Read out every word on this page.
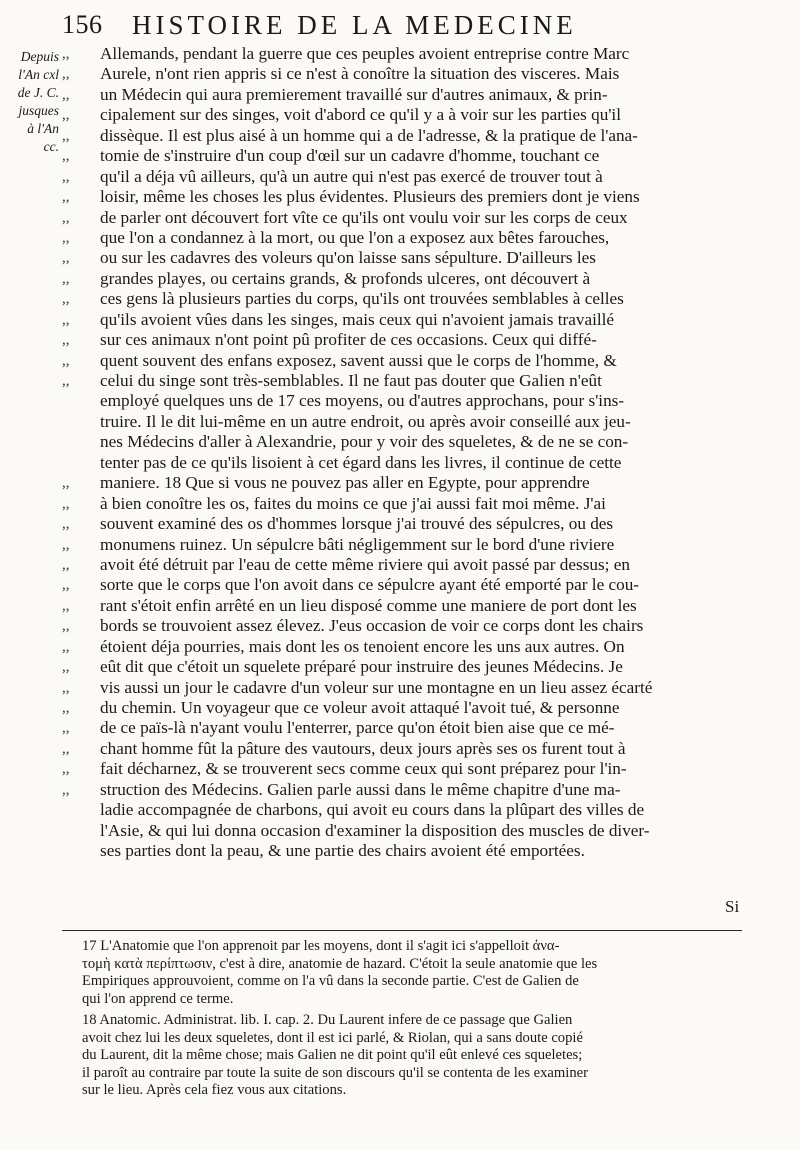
156 HISTOIRE DE LA MEDECINE
Depuis
l'An cxl
de J. C.
jusques
à l'An
cc.
,,	Allemands, pendant la guerre que ces peuples avoient entreprise contre Marc
,,	Aurele, n'ont rien appris si ce n'est à conoître la situation des visceres. Mais
,,	un Médecin qui aura premierement travaillé sur d'autres animaux, & prin-
,,	cipalement sur des singes, voit d'abord ce qu'il y a à voir sur les parties qu'il
,,	dissèque. Il est plus aisé à un homme qui a de l'adresse, & la pratique de l'ana-
,,	tomie de s'instruire d'un coup d'œil sur un cadavre d'homme, touchant ce
,,	qu'il a déja vû ailleurs, qu'à un autre qui n'est pas exercé de trouver tout à
,,	loisir, même les choses les plus évidentes. Plusieurs des premiers dont je viens
,,	de parler ont découvert fort vîte ce qu'ils ont voulu voir sur les corps de ceux
,,	que l'on a condannez à la mort, ou que l'on a exposez aux bêtes farouches,
,,	ou sur les cadavres des voleurs qu'on laisse sans sépulture. D'ailleurs les
,,	grandes playes, ou certains grands, & profonds ulceres, ont découvert à
,,	ces gens là plusieurs parties du corps, qu'ils ont trouvées semblables à celles
,,	qu'ils avoient vûes dans les singes, mais ceux qui n'avoient jamais travaillé
,,	sur ces animaux n'ont point pû profiter de ces occasions. Ceux qui diffé-
,,	quent souvent des enfans exposez, savent aussi que le corps de l'homme, &
,,	celui du singe sont très-semblables. Il ne faut pas douter que Galien n'eût
employé quelques uns de 17 ces moyens, ou d'autres approchans, pour s'ins-
truire. Il le dit lui-même en un autre endroit, ou après avoir conseillé aux jeu-
nes Médecins d'aller à Alexandrie, pour y voir des squeletes, & de ne se con-
tenter pas de ce qu'ils lisoient à cet égard dans les livres, il continue de cette
,,	maniere. 18 Que si vous ne pouvez pas aller en Egypte, pour apprendre
,,	à bien conoître les os, faites du moins ce que j'ai aussi fait moi même. J'ai
,,	souvent examiné des os d'hommes lorsque j'ai trouvé des sépulcres, ou des
,,	monumens ruinez. Un sépulcre bâti négligemment sur le bord d'une riviere
,,	avoit été détruit par l'eau de cette même riviere qui avoit passé par dessus; en
,,	sorte que le corps que l'on avoit dans ce sépulcre ayant été emporté par le cou-
,,	rant s'étoit enfin arrêté en un lieu disposé comme une maniere de port dont les
,,	bords se trouvoient assez élevez. J'eus occasion de voir ce corps dont les chairs
,,	étoient déja pourries, mais dont les os tenoient encore les uns aux autres. On
,,	eût dit que c'étoit un squelete préparé pour instruire des jeunes Médecins. Je
,,	vis aussi un jour le cadavre d'un voleur sur une montagne en un lieu assez écarté
,,	du chemin. Un voyageur que ce voleur avoit attaqué l'avoit tué, & personne
,,	de ce païs-là n'ayant voulu l'enterrer, parce qu'on étoit bien aise que ce mé-
,,	chant homme fût la pâture des vautours, deux jours après ses os furent tout à
,,	fait décharnez, & se trouverent secs comme ceux qui sont préparez pour l'in-
,,	struction des Médecins. Galien parle aussi dans le même chapitre d'une ma-
ladie accompagnée de charbons, qui avoit eu cours dans la plûpart des villes de
l'Asie, & qui lui donna occasion d'examiner la disposition des muscles de diver-
ses parties dont la peau, & une partie des chairs avoient été emportées.
Si
17 L'Anatomie que l'on apprenoit par les moyens, dont il s'agit ici s'appelloit ἀνα-
τομὴ κατὰ περίπτωσιν, c'est à dire, anatomie de hazard. C'étoit la seule anatomie que les
Empiriques approuvoient, comme on l'a vû dans la seconde partie. C'est de Galien de
qui l'on apprend ce terme.
18 Anatomic. Administrat. lib. I. cap. 2. Du Laurent infere de ce passage que Galien
avoit chez lui les deux squeletes, dont il est ici parlé, & Riolan, qui a sans doute copié
du Laurent, dit la même chose; mais Galien ne dit point qu'il eût enlevé ces squeletes;
il paroît au contraire par toute la suite de son discours qu'il se contenta de les examiner
sur le lieu. Après cela fiez vous aux citations.
